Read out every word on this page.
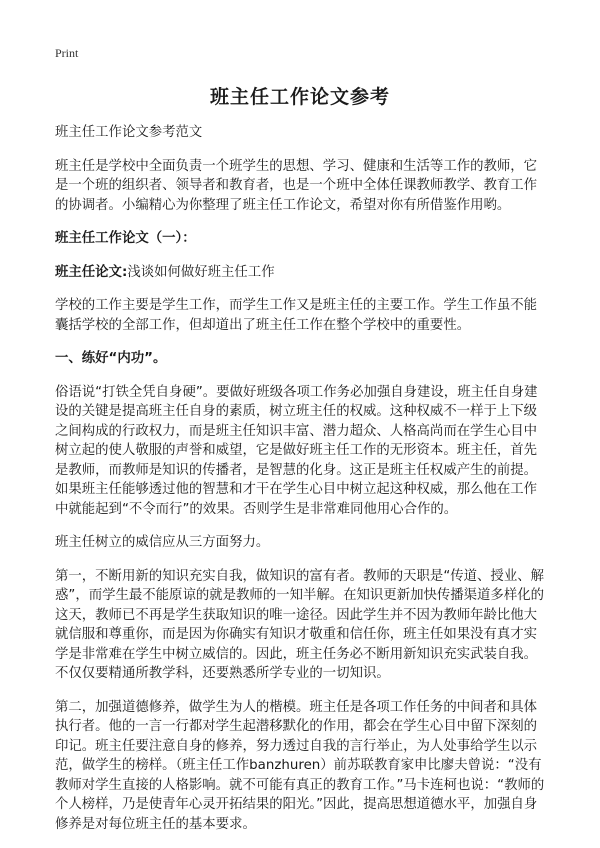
Print
班主任工作论文参考

班主任工作论文参考范文

班主任是学校中全面负责一个班学生的思想、学习、健康和生活等工作的教师，它是一个班的组织者、领导者和教育者，也是一个班中全体任课教师教学、教育工作的协调者。小编精心为你整理了班主任工作论文，希望对你有所借鉴作用哟。

班主任工作论文（一）：

班主任论文:浅谈如何做好班主任工作

学校的工作主要是学生工作，而学生工作又是班主任的主要工作。学生工作虽不能囊括学校的全部工作，但却道出了班主任工作在整个学校中的重要性。

一、练好“内功”。

俗语说“打铁全凭自身硬”。要做好班级各项工作务必加强自身建设，班主任自身建设的关键是提高班主任自身的素质，树立班主任的权威。这种权威不一样于上下级之间构成的行政权力，而是班主任知识丰富、潜力超众、人格高尚而在学生心目中树立起的使人敬服的声誉和威望，它是做好班主任工作的无形资本。班主任，首先是教师，而教师是知识的传播者，是智慧的化身。这正是班主任权威产生的前提。如果班主任能够透过他的智慧和才干在学生心目中树立起这种权威，那么他在工作中就能起到“不令而行”的效果。否则学生是非常难同他用心合作的。

班主任树立的威信应从三方面努力。

第一，不断用新的知识充实自我，做知识的富有者。教师的天职是“传道、授业、解惑”，而学生最不能原谅的就是教师的一知半解。在知识更新加快传播渠道多样化的这天，教师已不再是学生获取知识的唯一途径。因此学生并不因为教师年龄比他大就信服和尊重你，而是因为你确实有知识才敬重和信任你，班主任如果没有真才实学是非常难在学生中树立威信的。因此，班主任务必不断用新知识充实武装自我。不仅仅要精通所教学科，还要熟悉所学专业的一切知识。

第二，加强道德修养，做学生为人的楷模。班主任是各项工作任务的中间者和具体执行者。他的一言一行都对学生起潜移默化的作用，都会在学生心目中留下深刻的印记。班主任要注意自身的修养，努力透过自我的言行举止，为人处事给学生以示范，做学生的榜样。（班主任工作banzhuren）前苏联教育家申比廖夫曾说：“没有教师对学生直接的人格影响。就不可能有真正的教育工作。”马卡连柯也说：“教师的个人榜样，乃是使青年心灵开拓结果的阳光。”因此，提高思想道德水平，加强自身修养是对每位班主任的基本要求。
